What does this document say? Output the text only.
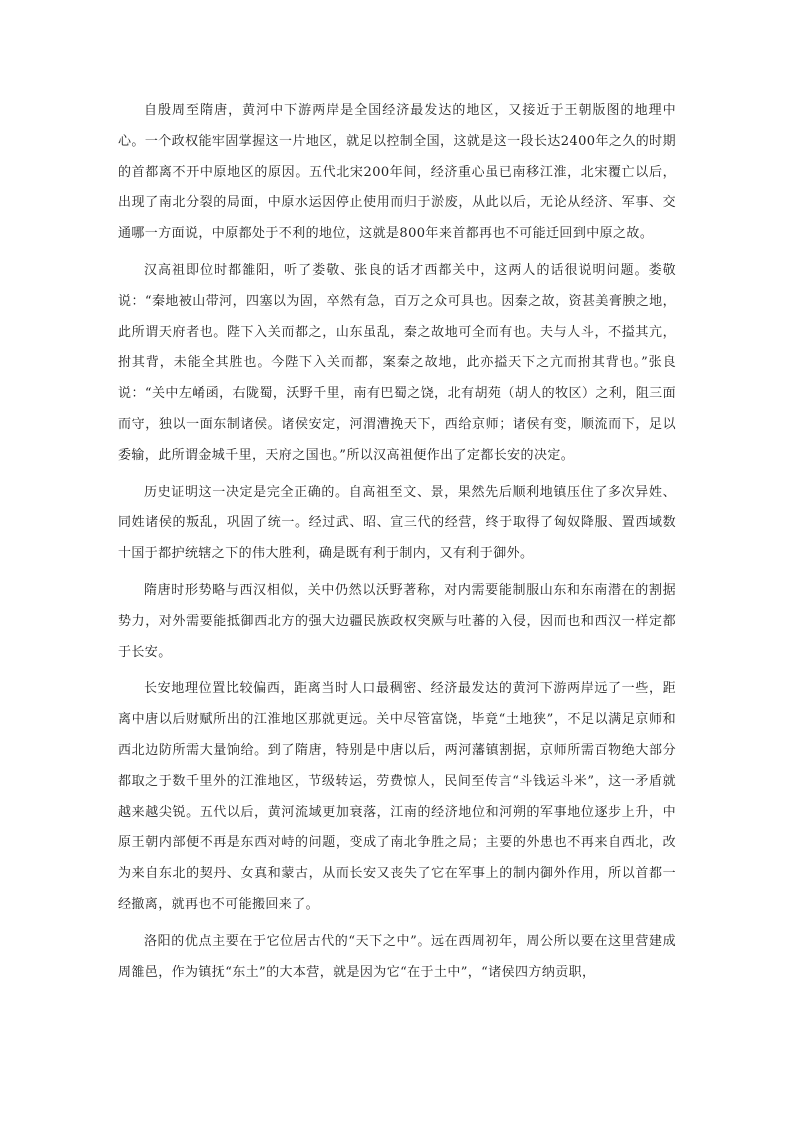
自殷周至隋唐，黄河中下游两岸是全国经济最发达的地区，又接近于王朝版图的地理中心。一个政权能牢固掌握这一片地区，就足以控制全国，这就是这一段长达2400年之久的时期的首都离不开中原地区的原因。五代北宋200年间，经济重心虽已南移江淮，北宋覆亡以后，出现了南北分裂的局面，中原水运因停止使用而归于淤废，从此以后，无论从经济、军事、交通哪一方面说，中原都处于不利的地位，这就是800年来首都再也不可能迁回到中原之故。

汉高祖即位时都雒阳，听了娄敬、张良的话才西都关中，这两人的话很说明问题。娄敬说：“秦地被山带河，四塞以为固，卒然有急，百万之众可具也。因秦之故，资甚美膏腴之地，此所谓天府者也。陛下入关而都之，山东虽乱，秦之故地可全而有也。夫与人斗，不搤其亢，拊其背，未能全其胜也。今陛下入关而都，案秦之故地，此亦搤天下之亢而拊其背也。”张良说：“关中左崤函，右陇蜀，沃野千里，南有巴蜀之饶，北有胡苑（胡人的牧区）之利，阻三面而守，独以一面东制诸侯。诸侯安定，河渭漕挽天下，西给京师；诸侯有变，顺流而下，足以委输，此所谓金城千里，天府之国也。”所以汉高祖便作出了定都长安的决定。

历史证明这一决定是完全正确的。自高祖至文、景，果然先后顺利地镇压住了多次异姓、同姓诸侯的叛乱，巩固了统一。经过武、昭、宣三代的经营，终于取得了匈奴降服、置西域数十国于都护统辖之下的伟大胜利，确是既有利于制内，又有利于御外。

隋唐时形势略与西汉相似，关中仍然以沃野著称，对内需要能制服山东和东南潜在的割据势力，对外需要能抵御西北方的强大边疆民族政权突厥与吐蕃的入侵，因而也和西汉一样定都于长安。

长安地理位置比较偏西，距离当时人口最稠密、经济最发达的黄河下游两岸远了一些，距离中唐以后财赋所出的江淮地区那就更远。关中尽管富饶，毕竟“土地狭”，不足以满足京师和西北边防所需大量饷给。到了隋唐，特别是中唐以后，两河藩镇割据，京师所需百物绝大部分都取之于数千里外的江淮地区，节级转运，劳费惊人，民间至传言“斗钱运斗米”，这一矛盾就越来越尖锐。五代以后，黄河流域更加衰落，江南的经济地位和河朔的军事地位逐步上升，中原王朝内部便不再是东西对峙的问题，变成了南北争胜之局；主要的外患也不再来自西北，改为来自东北的契丹、女真和蒙古，从而长安又丧失了它在军事上的制内御外作用，所以首都一经撤离，就再也不可能搬回来了。

洛阳的优点主要在于它位居古代的“天下之中”。远在西周初年，周公所以要在这里营建成周雒邑，作为镇抚“东土”的大本营，就是因为它“在于土中”，“诸侯四方纳贡职，
